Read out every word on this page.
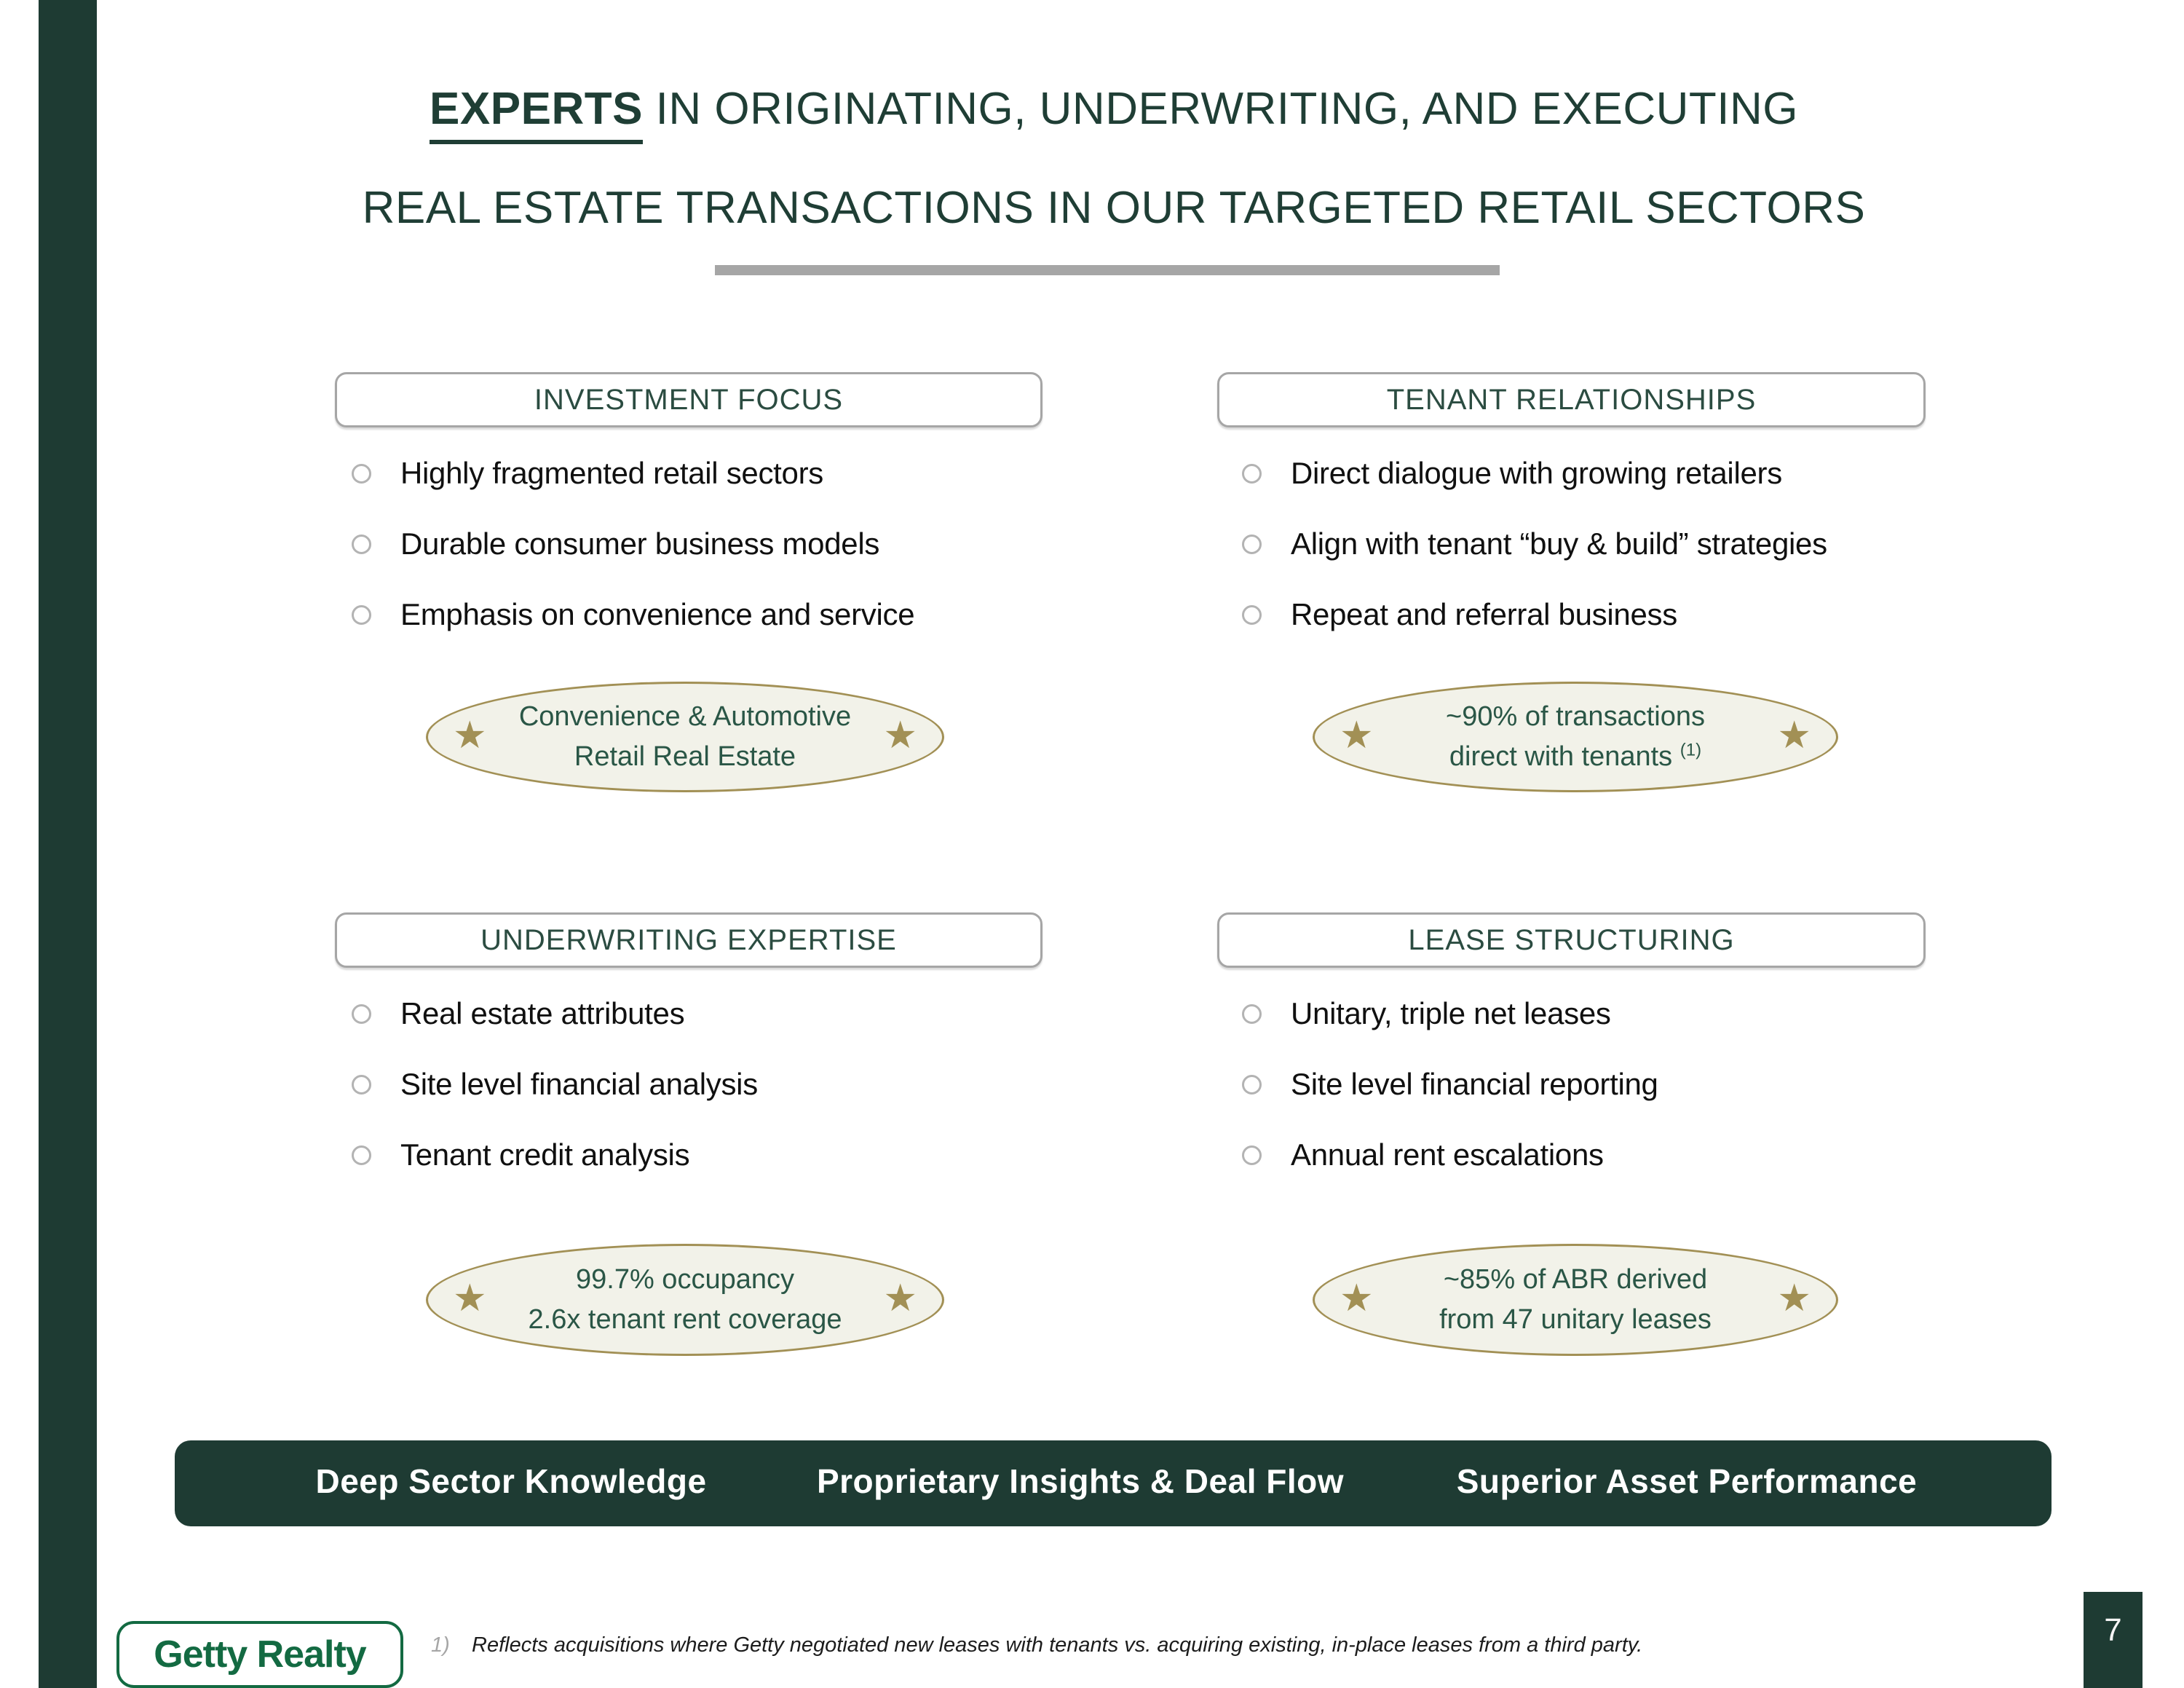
EXPERTS IN ORIGINATING, UNDERWRITING, AND EXECUTING
REAL ESTATE TRANSACTIONS IN OUR TARGETED RETAIL SECTORS
INVESTMENT FOCUS	TENANT RELATIONSHIPS
UNDERWRITING EXPERTISE	LEASE STRUCTURING
Highly fragmented retail sectors
Durable consumer business models
Emphasis on convenience and service
Direct dialogue with growing retailers
Align with tenant “buy & build” strategies
Repeat and referral business
Real estate attributes
Site level financial analysis
Tenant credit analysis
Unitary, triple net leases
Site level financial reporting
Annual rent escalations
★ Convenience & Automotive
Retail Real Estate
★	★	~90% of transactions
direct with tenants $^{(1)}$ ★
★	99.7% occupancy
2.6x tenant rent coverage
★	★	~85% of ABR derived
from 47 unitary leases
★
Deep Sector Knowledge	Proprietary Insights & Deal Flow	Superior Asset Performance
Getty Realty	1) Reflects acquisitions where Getty negotiated new leases with tenants vs. acquiring existing, in-place leases from a third party.	7
